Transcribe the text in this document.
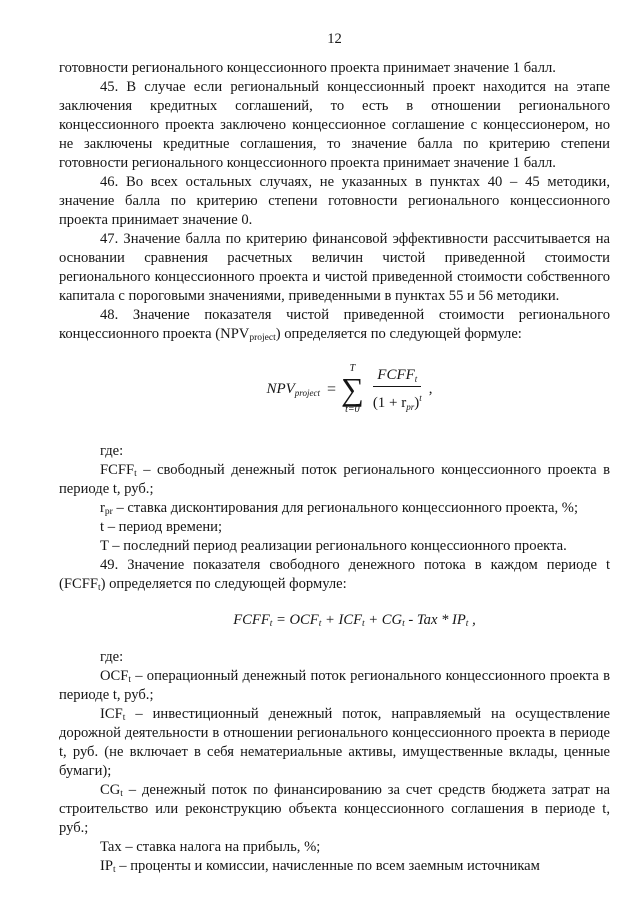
12

готовности регионального концессионного проекта принимает значение 1 балл.

45. В случае если региональный концессионный проект находится на этапе заключения кредитных соглашений, то есть в отношении регионального концессионного проекта заключено концессионное соглашение с концессионером, но не заключены кредитные соглашения, то значение балла по критерию степени готовности регионального концессионного проекта принимает значение 1 балл.

46. Во всех остальных случаях, не указанных в пунктах 40 – 45 методики, значение балла по критерию степени готовности регионального концессионного проекта принимает значение 0.

47. Значение балла по критерию финансовой эффективности рассчитывается на основании сравнения расчетных величин чистой приведенной стоимости регионального концессионного проекта и чистой приведенной стоимости собственного капитала с пороговыми значениями, приведенными в пунктах 55 и 56 методики.

48. Значение показателя чистой приведенной стоимости регионального концессионного проекта $(NPV_{project})$ определяется по следующей формуле:

$NPV_{project}$ =
T
∑
$t=0 \frac{FCFF_t}{(1 + r_{pr})^t}$ ,

где:

$FCFF_t$ – свободный денежный поток регионального концессионного проекта в периоде t, руб.;

$r_{pr}$ – ставка дисконтирования для регионального концессионного проекта, %;

t – период времени;

T – последний период реализации регионального концессионного проекта.

49. Значение показателя свободного денежного потока в каждом периоде t $(FCFF_t)$ определяется по следующей формуле:

$FCFF_t = OCF_t + ICF_t + CG_t$ - Tax * $IP_t$ ,

где:

$OCF_t$ – операционный денежный поток регионального концессионного проекта в периоде t, руб.;

$ICF_t$ – инвестиционный денежный поток, направляемый на осуществление дорожной деятельности в отношении регионального концессионного проекта в периоде t, руб. (не включает в себя нематериальные активы, имущественные вклады, ценные бумаги);

$CG_t$ – денежный поток по финансированию за счет средств бюджета затрат на строительство или реконструкцию объекта концессионного соглашения в периоде t, руб.;

Tax – ставка налога на прибыль, %;

$IP_t$ – проценты и комиссии, начисленные по всем заемным источникам
